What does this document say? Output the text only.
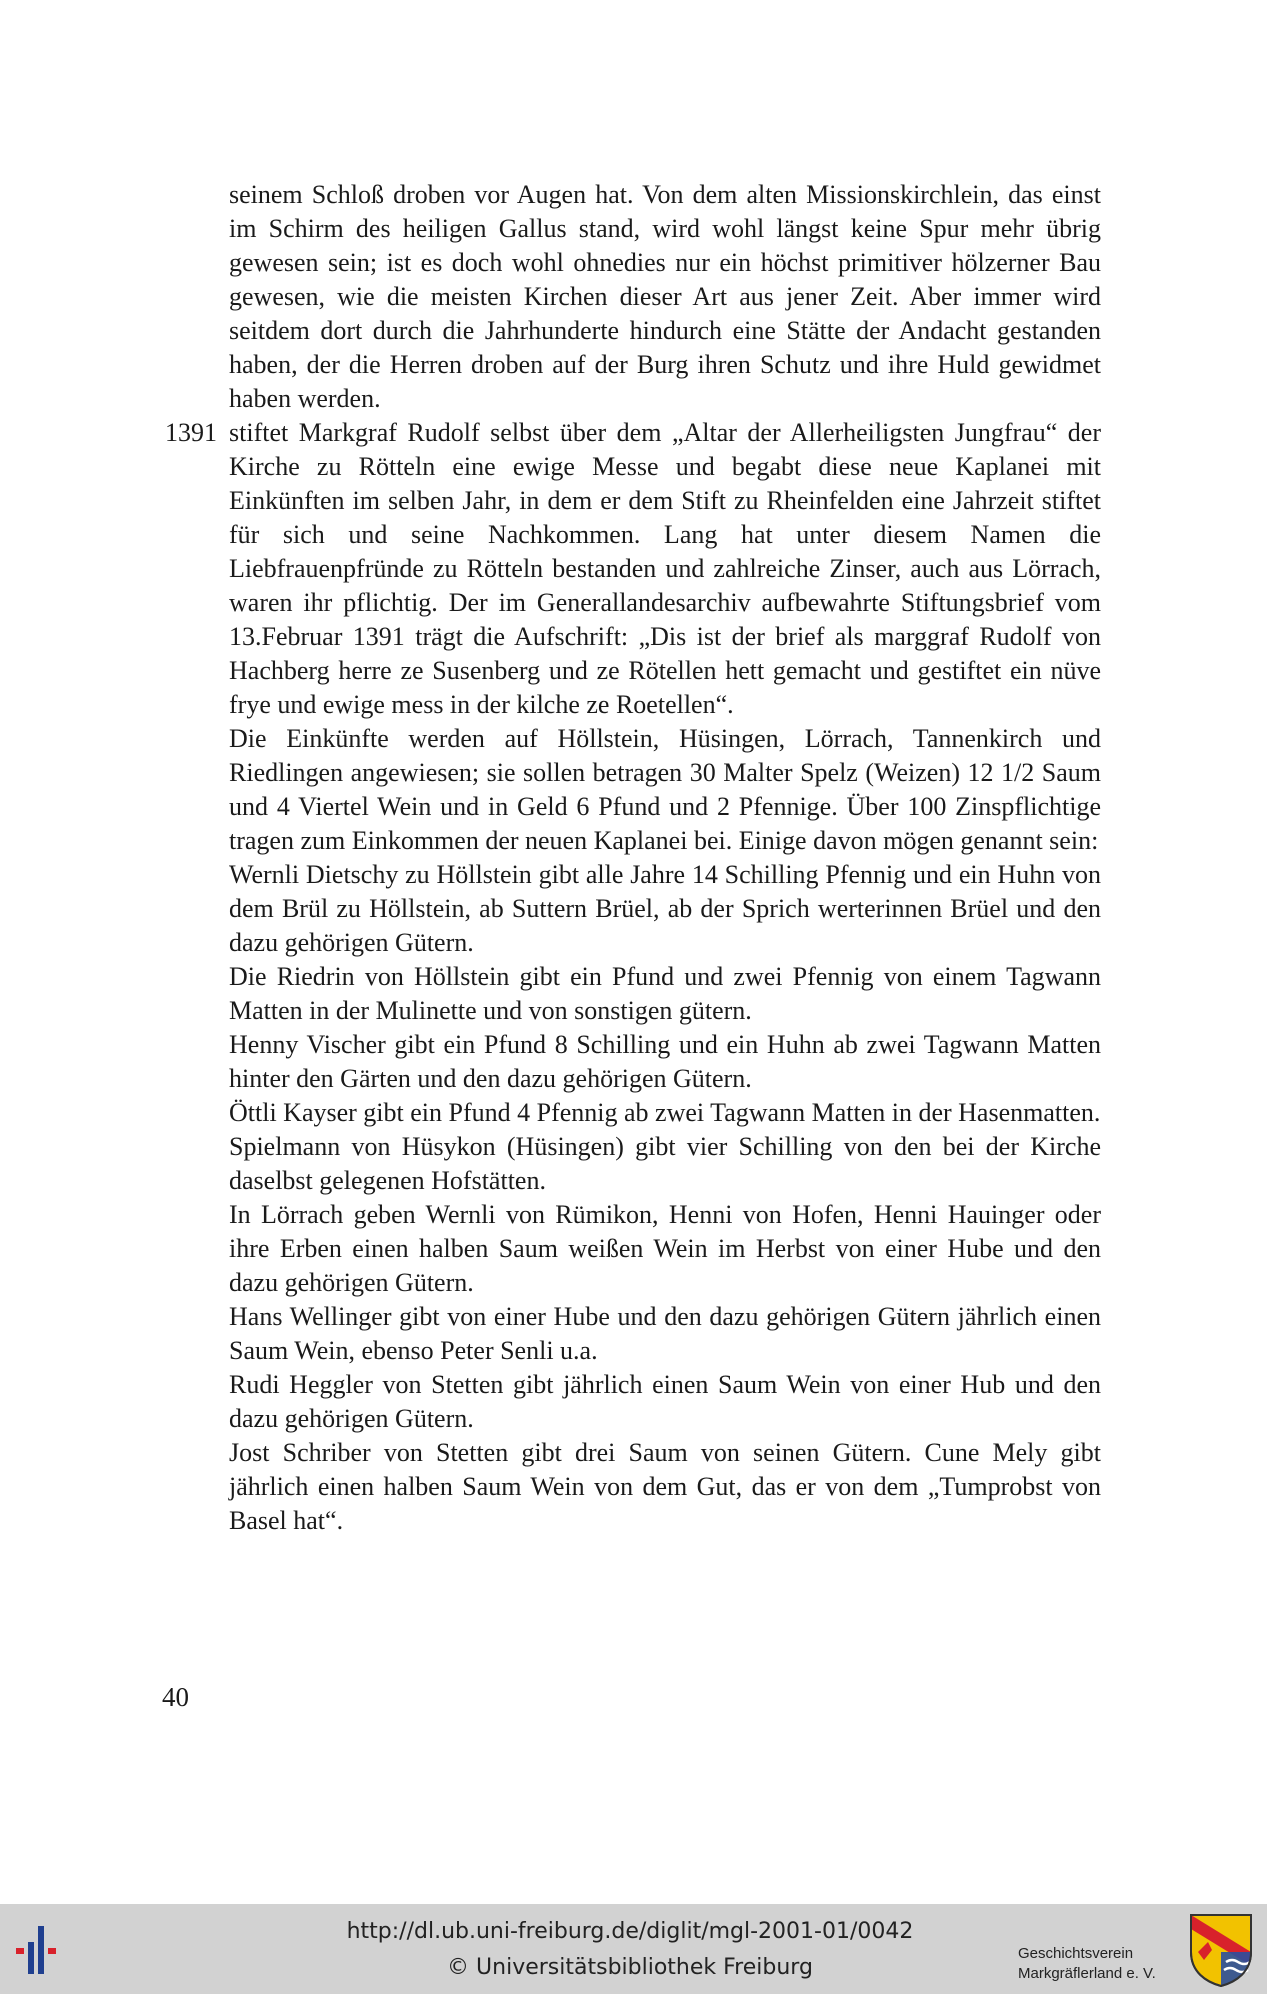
seinem Schloß droben vor Augen hat. Von dem alten Missionskirchlein, das einst im Schirm des heiligen Gallus stand, wird wohl längst keine Spur mehr übrig gewesen sein; ist es doch wohl ohnedies nur ein höchst primitiver hölzerner Bau gewesen, wie die meisten Kirchen dieser Art aus jener Zeit. Aber immer wird seitdem dort durch die Jahrhunderte hindurch eine Stätte der Andacht gestanden haben, der die Herren droben auf der Burg ihren Schutz und ihre Huld gewidmet haben werden.

1391 stiftet Markgraf Rudolf selbst über dem „Altar der Allerheiligsten Jungfrau“ der Kirche zu Rötteln eine ewige Messe und begabt diese neue Kaplanei mit Einkünften im selben Jahr, in dem er dem Stift zu Rheinfelden eine Jahrzeit stiftet für sich und seine Nachkommen. Lang hat unter diesem Namen die Liebfrauenpfründe zu Rötteln bestanden und zahlreiche Zinser, auch aus Lörrach, waren ihr pflichtig. Der im Generallandesarchiv aufbewahrte Stiftungsbrief vom 13.Februar 1391 trägt die Aufschrift: „Dis ist der brief als marggraf Rudolf von Hachberg herre ze Susenberg und ze Rötellen hett gemacht und gestiftet ein nüve frye und ewige mess in der kilche ze Roetellen“.

Die Einkünfte werden auf Höllstein, Hüsingen, Lörrach, Tannenkirch und Riedlingen angewiesen; sie sollen betragen 30 Malter Spelz (Weizen) 12 1/2 Saum und 4 Viertel Wein und in Geld 6 Pfund und 2 Pfennige. Über 100 Zinspflichtige tragen zum Einkommen der neuen Kaplanei bei. Einige davon mögen genannt sein:

Wernli Dietschy zu Höllstein gibt alle Jahre 14 Schilling Pfennig und ein Huhn von dem Brül zu Höllstein, ab Suttern Brüel, ab der Sprich werterinnen Brüel und den dazu gehörigen Gütern.

Die Riedrin von Höllstein gibt ein Pfund und zwei Pfennig von einem Tagwann Matten in der Mulinette und von sonstigen gütern.

Henny Vischer gibt ein Pfund 8 Schilling und ein Huhn ab zwei Tagwann Matten hinter den Gärten und den dazu gehörigen Gütern.

Öttli Kayser gibt ein Pfund 4 Pfennig ab zwei Tagwann Matten in der Hasenmatten.

Spielmann von Hüsykon (Hüsingen) gibt vier Schilling von den bei der Kirche daselbst gelegenen Hofstätten.

In Lörrach geben Wernli von Rümikon, Henni von Hofen, Henni Hauinger oder ihre Erben einen halben Saum weißen Wein im Herbst von einer Hube und den dazu gehörigen Gütern.

Hans Wellinger gibt von einer Hube und den dazu gehörigen Gütern jährlich einen Saum Wein, ebenso Peter Senli u.a.

Rudi Heggler von Stetten gibt jährlich einen Saum Wein von einer Hub und den dazu gehörigen Gütern.

Jost Schriber von Stetten gibt drei Saum von seinen Gütern. Cune Mely gibt jährlich einen halben Saum Wein von dem Gut, das er von dem „Tumprobst von Basel hat“.

40
http://dl.ub.uni-freiburg.de/diglit/mgl-2001-01/0042
© Universitätsbibliothek Freiburg
Geschichtsverein
Markgräflerland e. V.
